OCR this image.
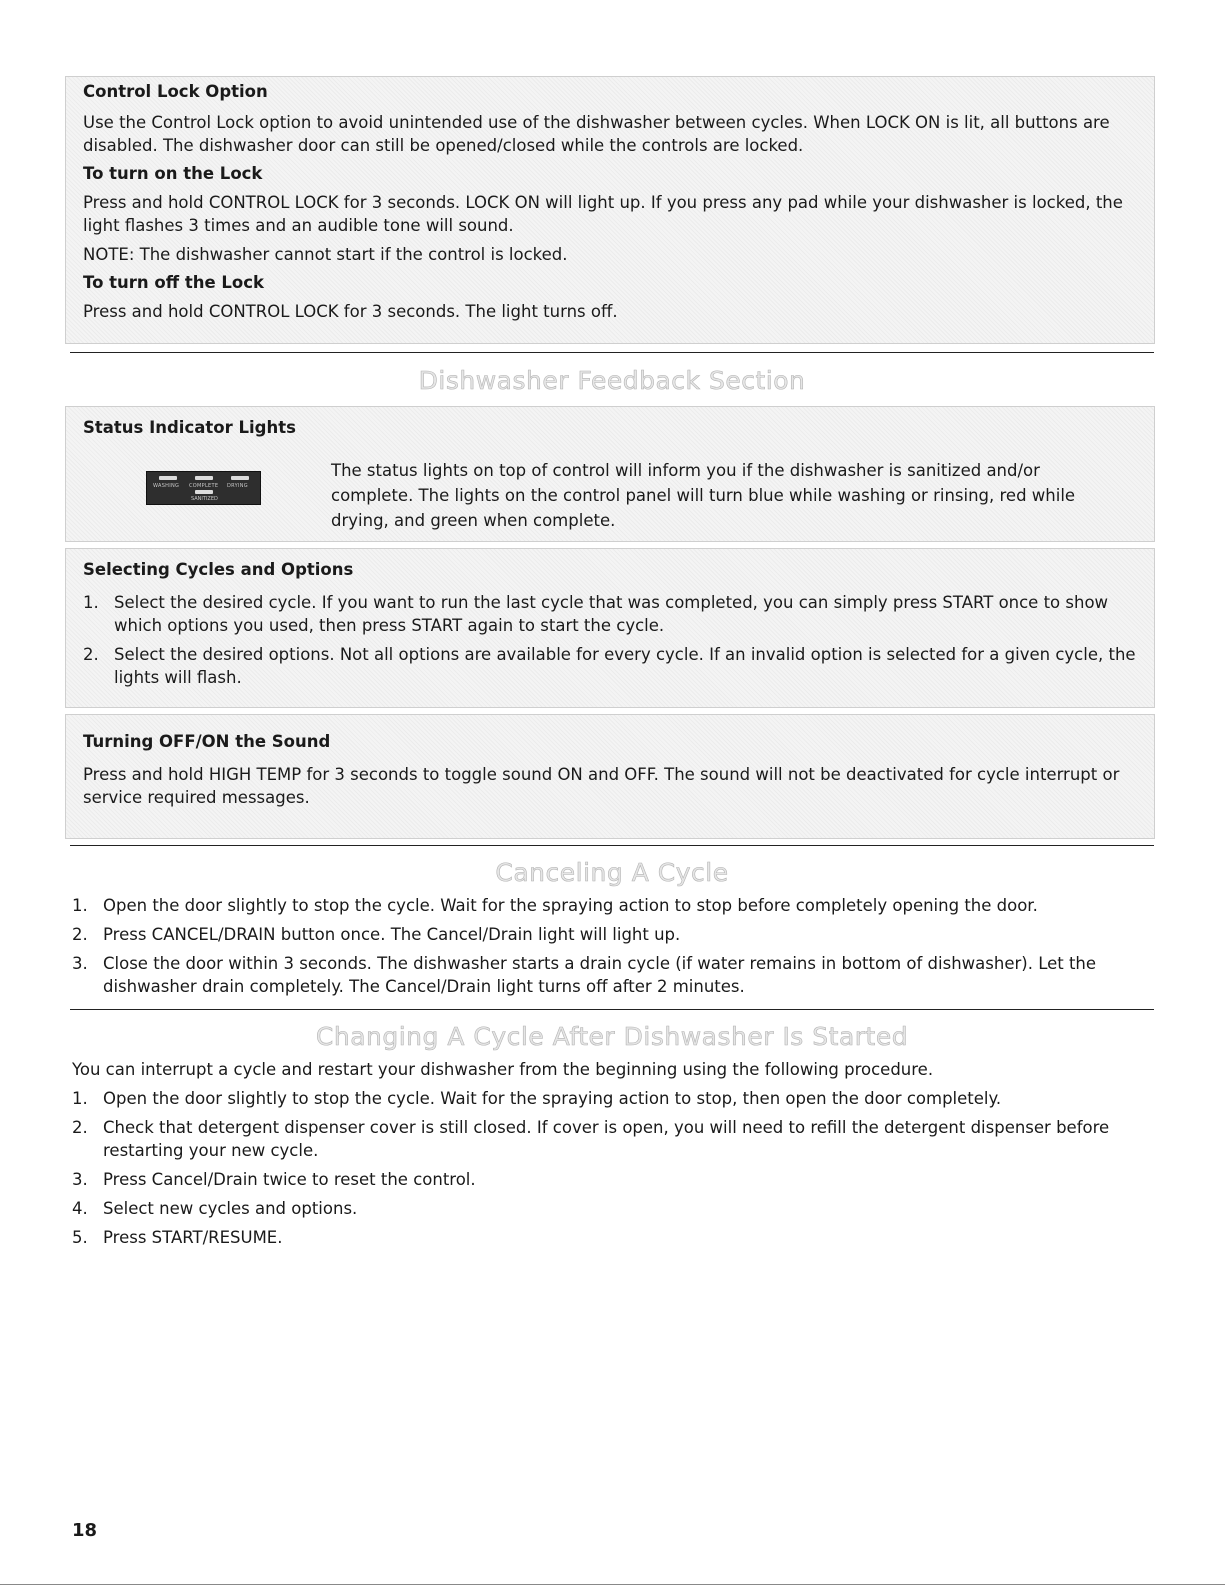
Control Lock Option

Use the Control Lock option to avoid unintended use of the dishwasher between cycles. When LOCK ON is lit, all buttons are disabled. The dishwasher door can still be opened/closed while the controls are locked.

To turn on the Lock

Press and hold CONTROL LOCK for 3 seconds. LOCK ON will light up. If you press any pad while your dishwasher is locked, the light flashes 3 times and an audible tone will sound.

NOTE: The dishwasher cannot start if the control is locked.

To turn off the Lock

Press and hold CONTROL LOCK for 3 seconds. The light turns off.

Dishwasher Feedback Section

Status Indicator Lights

WASHING COMPLETE DRYING
SANITIZED

The status lights on top of control will inform you if the dishwasher is sanitized and/or complete. The lights on the control panel will turn blue while washing or rinsing, red while drying, and green when complete.

Selecting Cycles and Options

1. Select the desired cycle. If you want to run the last cycle that was completed, you can simply press START once to show which options you used, then press START again to start the cycle.
2. Select the desired options. Not all options are available for every cycle. If an invalid option is selected for a given cycle, the lights will flash.

Turning OFF/ON the Sound

Press and hold HIGH TEMP for 3 seconds to toggle sound ON and OFF. The sound will not be deactivated for cycle interrupt or service required messages.

Canceling A Cycle
1. Open the door slightly to stop the cycle. Wait for the spraying action to stop before completely opening the door.
2. Press CANCEL/DRAIN button once. The Cancel/Drain light will light up.
3. Close the door within 3 seconds. The dishwasher starts a drain cycle (if water remains in bottom of dishwasher). Let the dishwasher drain completely. The Cancel/Drain light turns off after 2 minutes.
Changing A Cycle After Dishwasher Is Started

You can interrupt a cycle and restart your dishwasher from the beginning using the following procedure.

1. Open the door slightly to stop the cycle. Wait for the spraying action to stop, then open the door completely.
2. Check that detergent dispenser cover is still closed. If cover is open, you will need to refill the detergent dispenser before restarting your new cycle.
3. Press Cancel/Drain twice to reset the control.
4. Select new cycles and options.
5. Press START/RESUME.
18
